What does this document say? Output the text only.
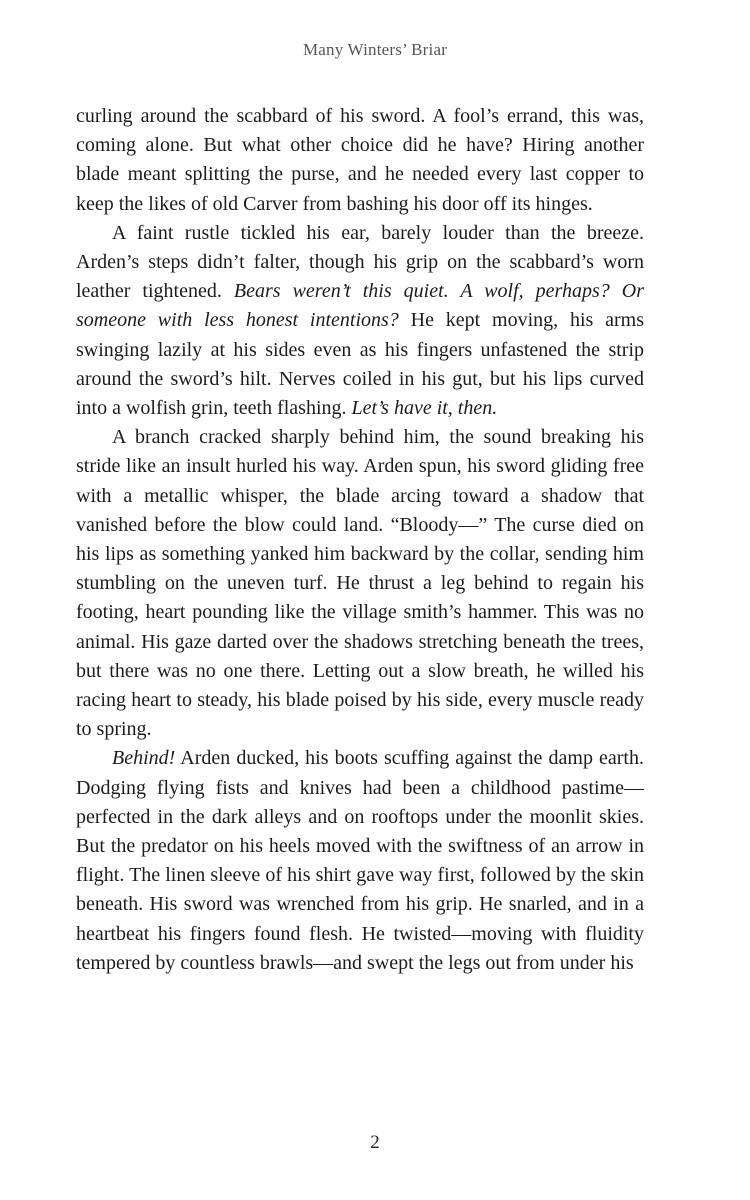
Many Winters’ Briar

curling around the scabbard of his sword. A fool’s errand, this was, coming alone. But what other choice did he have? Hiring another blade meant splitting the purse, and he needed every last copper to keep the likes of old Carver from bashing his door off its hinges.

A faint rustle tickled his ear, barely louder than the breeze. Arden’s steps didn’t falter, though his grip on the scabbard’s worn leather tightened. Bears weren’t this quiet. A wolf, perhaps? Or someone with less honest intentions? He kept moving, his arms swinging lazily at his sides even as his fingers unfastened the strip around the sword’s hilt. Nerves coiled in his gut, but his lips curved into a wolfish grin, teeth flashing. Let’s have it, then.

A branch cracked sharply behind him, the sound breaking his stride like an insult hurled his way. Arden spun, his sword gliding free with a metallic whisper, the blade arcing toward a shadow that vanished before the blow could land. “Bloody—” The curse died on his lips as something yanked him backward by the collar, sending him stumbling on the uneven turf. He thrust a leg behind to regain his footing, heart pounding like the village smith’s hammer. This was no animal. His gaze darted over the shadows stretching beneath the trees, but there was no one there. Letting out a slow breath, he willed his racing heart to steady, his blade poised by his side, every muscle ready to spring.

Behind! Arden ducked, his boots scuffing against the damp earth. Dodging flying fists and knives had been a childhood pastime—perfected in the dark alleys and on rooftops under the moonlit skies. But the predator on his heels moved with the swiftness of an arrow in flight. The linen sleeve of his shirt gave way first, followed by the skin beneath. His sword was wrenched from his grip. He snarled, and in a heartbeat his fingers found flesh. He twisted—moving with fluidity tempered by countless brawls—and swept the legs out from under his

2
